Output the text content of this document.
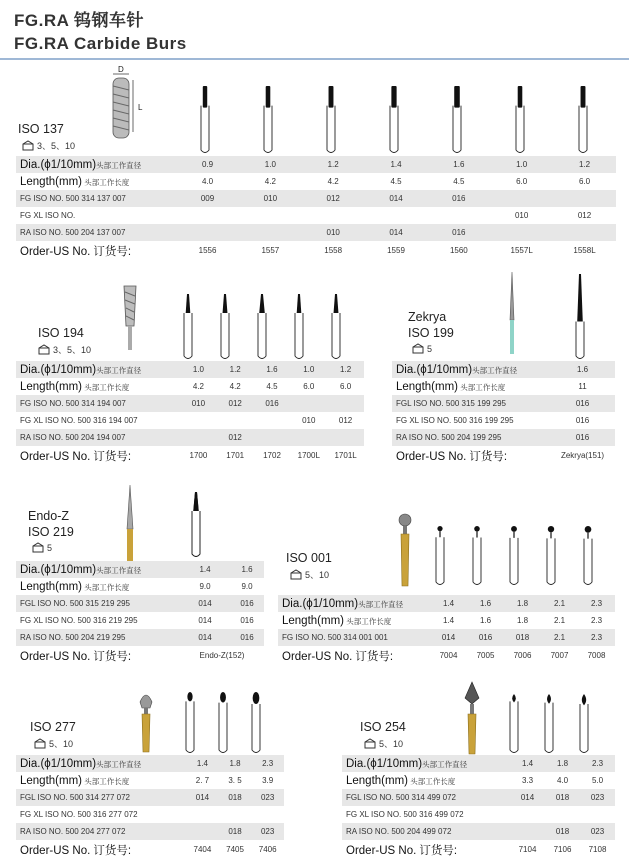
FG.RA 钨钢车针
FG.RA Carbide Burs
D
L
ISO 137
3、5、10
Dia.(ϕ1/10mm)头部工作直径	0.9	1.0	1.2	1.4	1.6	1.0	1.2
Length(mm) 头部工作长度	4.0	4.2	4.2	4.5	4.5	6.0	6.0
FG ISO NO. 500 314 137 007	009	010	012	014	016		
FG XL ISO NO.						010	012
RA ISO NO. 500 204 137 007			010	014	016		
Order-US No. 订货号:	1556	1557	1558	1559	1560	1557L	1558L
ISO 194
3、5、10
Dia.(ϕ1/10mm)头部工作直径	1.0	1.2	1.6	1.0	1.2
Length(mm) 头部工作长度	4.2	4.2	4.5	6.0	6.0
FG ISO NO. 500 314 194 007	010	012	016		
FG XL ISO NO. 500 316 194 007				010	012
RA ISO NO. 500 204 194 007		012			
Order-US No. 订货号:	1700	1701	1702	1700L	1701L
Zekrya
ISO 199
5
Dia.(ϕ1/10mm)头部工作直径	1.6
Length(mm) 头部工作长度	11
FGL ISO NO. 500 315 199 295	016
FG XL ISO NO. 500 316 199 295	016
RA ISO NO. 500 204 199 295	016
Order-US No. 订货号:	Zekrya(151)
Endo-Z
ISO 219
5
Dia.(ϕ1/10mm)头部工作直径	1.4	1.6
Length(mm) 头部工作长度	9.0	9.0
FGL ISO NO. 500 315 219 295	014	016
FG XL ISO NO. 500 316 219 295	014	016
RA ISO NO. 500 204 219 295	014	016
Order-US No. 订货号:	Endo-Z(152)	
ISO 001
5、10
Dia.(ϕ1/10mm)头部工作直径	1.4	1.6	1.8	2.1	2.3
Length(mm) 头部工作长度	1.4	1.6	1.8	2.1	2.3
FG ISO NO. 500 314 001 001	014	016	018	2.1	2.3
Order-US No. 订货号:	7004	7005	7006	7007	7008
ISO 277
5、10
Dia.(ϕ1/10mm)头部工作直径	1.4	1.8	2.3
Length(mm) 头部工作长度	2. 7	3. 5	3.9
FGL ISO NO. 500 314 277 072	014	018	023
FG XL ISO NO. 500 316 277 072			
RA ISO NO. 500 204 277 072		018	023
Order-US No. 订货号:	7404	7405	7406
ISO 254
5、10
Dia.(ϕ1/10mm)头部工作直径	1.4	1.8	2.3
Length(mm) 头部工作长度	3.3	4.0	5.0
FGL ISO NO. 500 314 499 072	014	018	023
FG XL ISO NO. 500 316 499 072			
RA ISO NO. 500 204 499 072		018	023
Order-US No. 订货号:	7104	7106	7108
